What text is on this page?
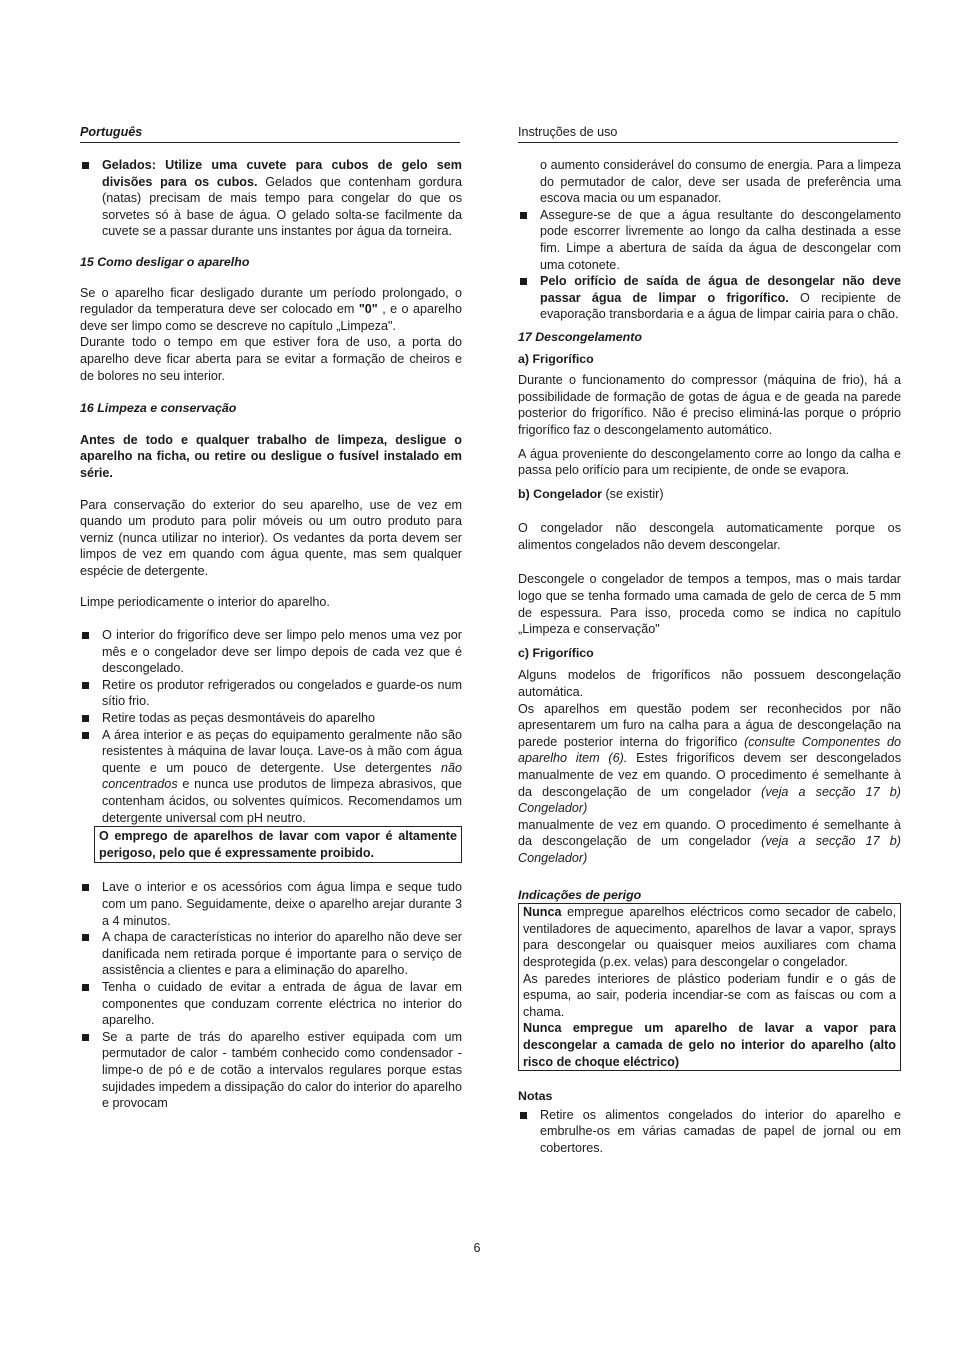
Português	Instruções de uso
Gelados: Utilize uma cuvete para cubos de gelo sem divisões para os cubos. Gelados que contenham gordura (natas) precisam de mais tempo para congelar do que os sorvetes só à base de água. O gelado solta-se facilmente da cuvete se a passar durante uns instantes por água da torneira.

15 Como desligar o aparelho

Se o aparelho ficar desligado durante um período prolongado, o regulador da temperatura deve ser colocado em "0" , e o aparelho deve ser limpo como se descreve no capítulo „Limpeza".

Durante todo o tempo em que estiver fora de uso, a porta do aparelho deve ficar aberta para se evitar a formação de cheiros e de bolores no seu interior.

16 Limpeza e conservação

Antes de todo e qualquer trabalho de limpeza, desligue o aparelho na ficha, ou retire ou desligue o fusível instalado em série.

Para conservação do exterior do seu aparelho, use de vez em quando um produto para polir móveis ou um outro produto para verniz (nunca utilizar no interior). Os vedantes da porta devem ser limpos de vez em quando com água quente, mas sem qualquer espécie de detergente.

Limpe periodicamente o interior do aparelho.

O interior do frigorífico deve ser limpo pelo menos uma vez por mês e o congelador deve ser limpo depois de cada vez que é descongelado.
Retire os produtor refrigerados ou congelados e guarde-os num sítio frio.
Retire todas as peças desmontáveis do aparelho
A área interior e as peças do equipamento geralmente não são resistentes à máquina de lavar louça. Lave-os à mão com água quente e um pouco de detergente. Use detergentes não concentrados e nunca use produtos de limpeza abrasivos, que contenham ácidos, ou solventes químicos. Recomendamos um detergente universal com pH neutro.
O emprego de aparelhos de lavar com vapor é altamente perigoso, pelo que é expressamente proibido.
Lave o interior e os acessórios com água limpa e seque tudo com um pano. Seguidamente, deixe o aparelho arejar durante 3 a 4 minutos.
A chapa de características no interior do aparelho não deve ser danificada nem retirada porque é importante para o serviço de assistência a clientes e para a eliminação do aparelho.
Tenha o cuidado de evitar a entrada de água de lavar em componentes que conduzam corrente eléctrica no interior do aparelho.
Se a parte de trás do aparelho estiver equipada com um permutador de calor - também conhecido como condensador - limpe-o de pó e de cotão a intervalos regulares porque estas sujidades impedem a dissipação do calor do interior do aparelho e provocam

o aumento considerável do consumo de energia. Para a limpeza do permutador de calor, deve ser usada de preferência uma escova macia ou um espanador.

Assegure-se de que a água resultante do descongelamento pode escorrer livremente ao longo da calha destinada a esse fim. Limpe a abertura de saída da água de descongelar com uma cotonete.
Pelo orifício de saída de água de desongelar não deve passar água de limpar o frigorífico. O recipiente de evaporação transbordaria e a água de limpar cairia para o chão.

17 Descongelamento

a) Frigorífico

Durante o funcionamento do compressor (máquina de frio), há a possibilidade de formação de gotas de água e de geada na parede posterior do frigorífico. Não é preciso eliminá-las porque o próprio frigorífico faz o descongelamento automático.

A água proveniente do descongelamento corre ao longo da calha e passa pelo orifício para um recipiente, de onde se evapora.

b) Congelador (se existir)

O congelador não descongela automaticamente porque os alimentos congelados não devem descongelar.

Descongele o congelador de tempos a tempos, mas o mais tardar logo que se tenha formado uma camada de gelo de cerca de 5 mm de espessura. Para isso, proceda como se indica no capítulo „Limpeza e conservação"

c) Frigorífico

Alguns modelos de frigoríficos não possuem descongelação automática.

Os aparelhos em questão podem ser reconhecidos por não apresentarem um furo na calha para a água de descongelação na parede posterior interna do frigorífico (consulte Componentes do aparelho item (6). Estes frigoríficos devem ser descongelados manualmente de vez em quando. O procedimento é semelhante à da descongelação de um congelador (veja a secção 17 b) Congelador)

manualmente de vez em quando. O procedimento é semelhante à da descongelação de um congelador (veja a secção 17 b) Congelador)

Indicações de perigo

Nunca empregue aparelhos eléctricos como secador de cabelo, ventiladores de aquecimento, aparelhos de lavar a vapor, sprays para descongelar ou quaisquer meios auxiliares com chama desprotegida (p.ex. velas) para descongelar o congelador.

As paredes interiores de plástico poderiam fundir e o gás de espuma, ao sair, poderia incendiar-se com as faíscas ou com a chama.

Nunca empregue um aparelho de lavar a vapor para descongelar a camada de gelo no interior do aparelho (alto risco de choque eléctrico)

Notas

Retire os alimentos congelados do interior do aparelho e embrulhe-os em várias camadas de papel de jornal ou em cobertores.
6
